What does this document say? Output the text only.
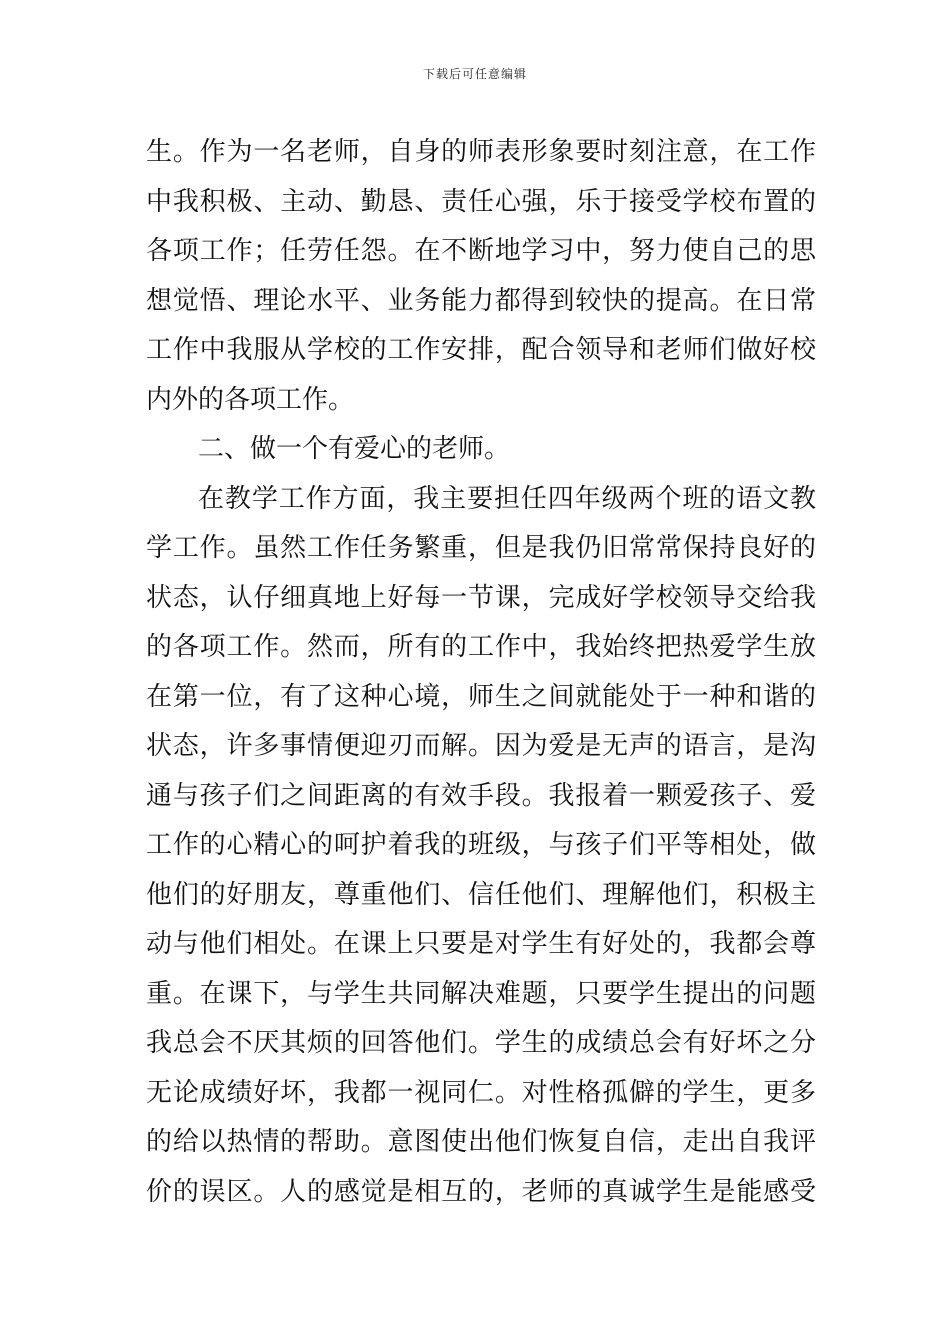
下载后可任意编辑
生。作为一名老师，自身的师表形象要时刻注意，在工作
中我积极、主动、勤恳、责任心强，乐于接受学校布置的
各项工作；任劳任怨。在不断地学习中，努力使自己的思
想觉悟、理论水平、业务能力都得到较快的提高。在日常
工作中我服从学校的工作安排，配合领导和老师们做好校
内外的各项工作。
二、做一个有爱心的老师。
在教学工作方面，我主要担任四年级两个班的语文教
学工作。虽然工作任务繁重，但是我仍旧常常保持良好的
状态，认仔细真地上好每一节课，完成好学校领导交给我
的各项工作。然而，所有的工作中，我始终把热爱学生放
在第一位，有了这种心境，师生之间就能处于一种和谐的
状态，许多事情便迎刃而解。因为爱是无声的语言，是沟
通与孩子们之间距离的有效手段。我报着一颗爱孩子、爱
工作的心精心的呵护着我的班级，与孩子们平等相处，做
他们的好朋友，尊重他们、信任他们、理解他们，积极主
动与他们相处。在课上只要是对学生有好处的，我都会尊
重。在课下，与学生共同解决难题，只要学生提出的问题
我总会不厌其烦的回答他们。学生的成绩总会有好坏之分
无论成绩好坏，我都一视同仁。对性格孤僻的学生，更多
的给以热情的帮助。意图使出他们恢复自信，走出自我评
价的误区。人的感觉是相互的，老师的真诚学生是能感受
